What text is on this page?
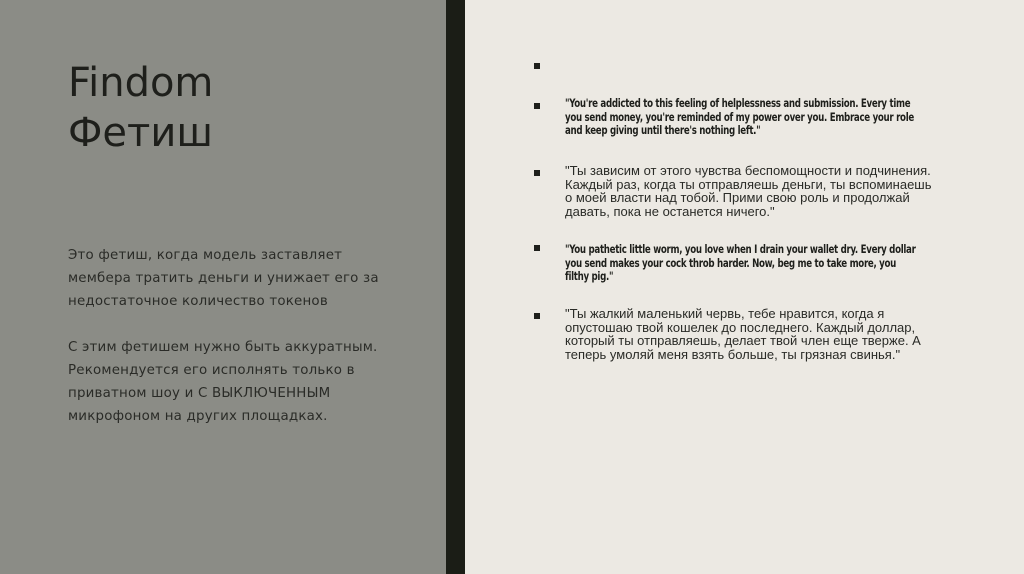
Findom
Фетиш

Это фетиш, когда модель заставляет
мембера тратить деньги и унижает его за
недостаточное количество токенов

С этим фетишем нужно быть аккуратным.
Рекомендуется его исполнять только в
приватном шоу и С ВЫКЛЮЧЕННЫМ
микрофоном на других площадках.

"You're addicted to this feeling of helplessness and submission. Every time
you send money, you're reminded of my power over you. Embrace your role
and keep giving until there's nothing left."
"Ты зависим от этого чувства беспомощности и подчинения.
Каждый раз, когда ты отправляешь деньги, ты вспоминаешь
о моей власти над тобой. Прими свою роль и продолжай
давать, пока не останется ничего."
"You pathetic little worm, you love when I drain your wallet dry. Every dollar
you send makes your cock throb harder. Now, beg me to take more, you
filthy pig."
"Ты жалкий маленький червь, тебе нравится, когда я
опустошаю твой кошелек до последнего. Каждый доллар,
который ты отправляешь, делает твой член еще тверже. А
теперь умоляй меня взять больше, ты грязная свинья."
